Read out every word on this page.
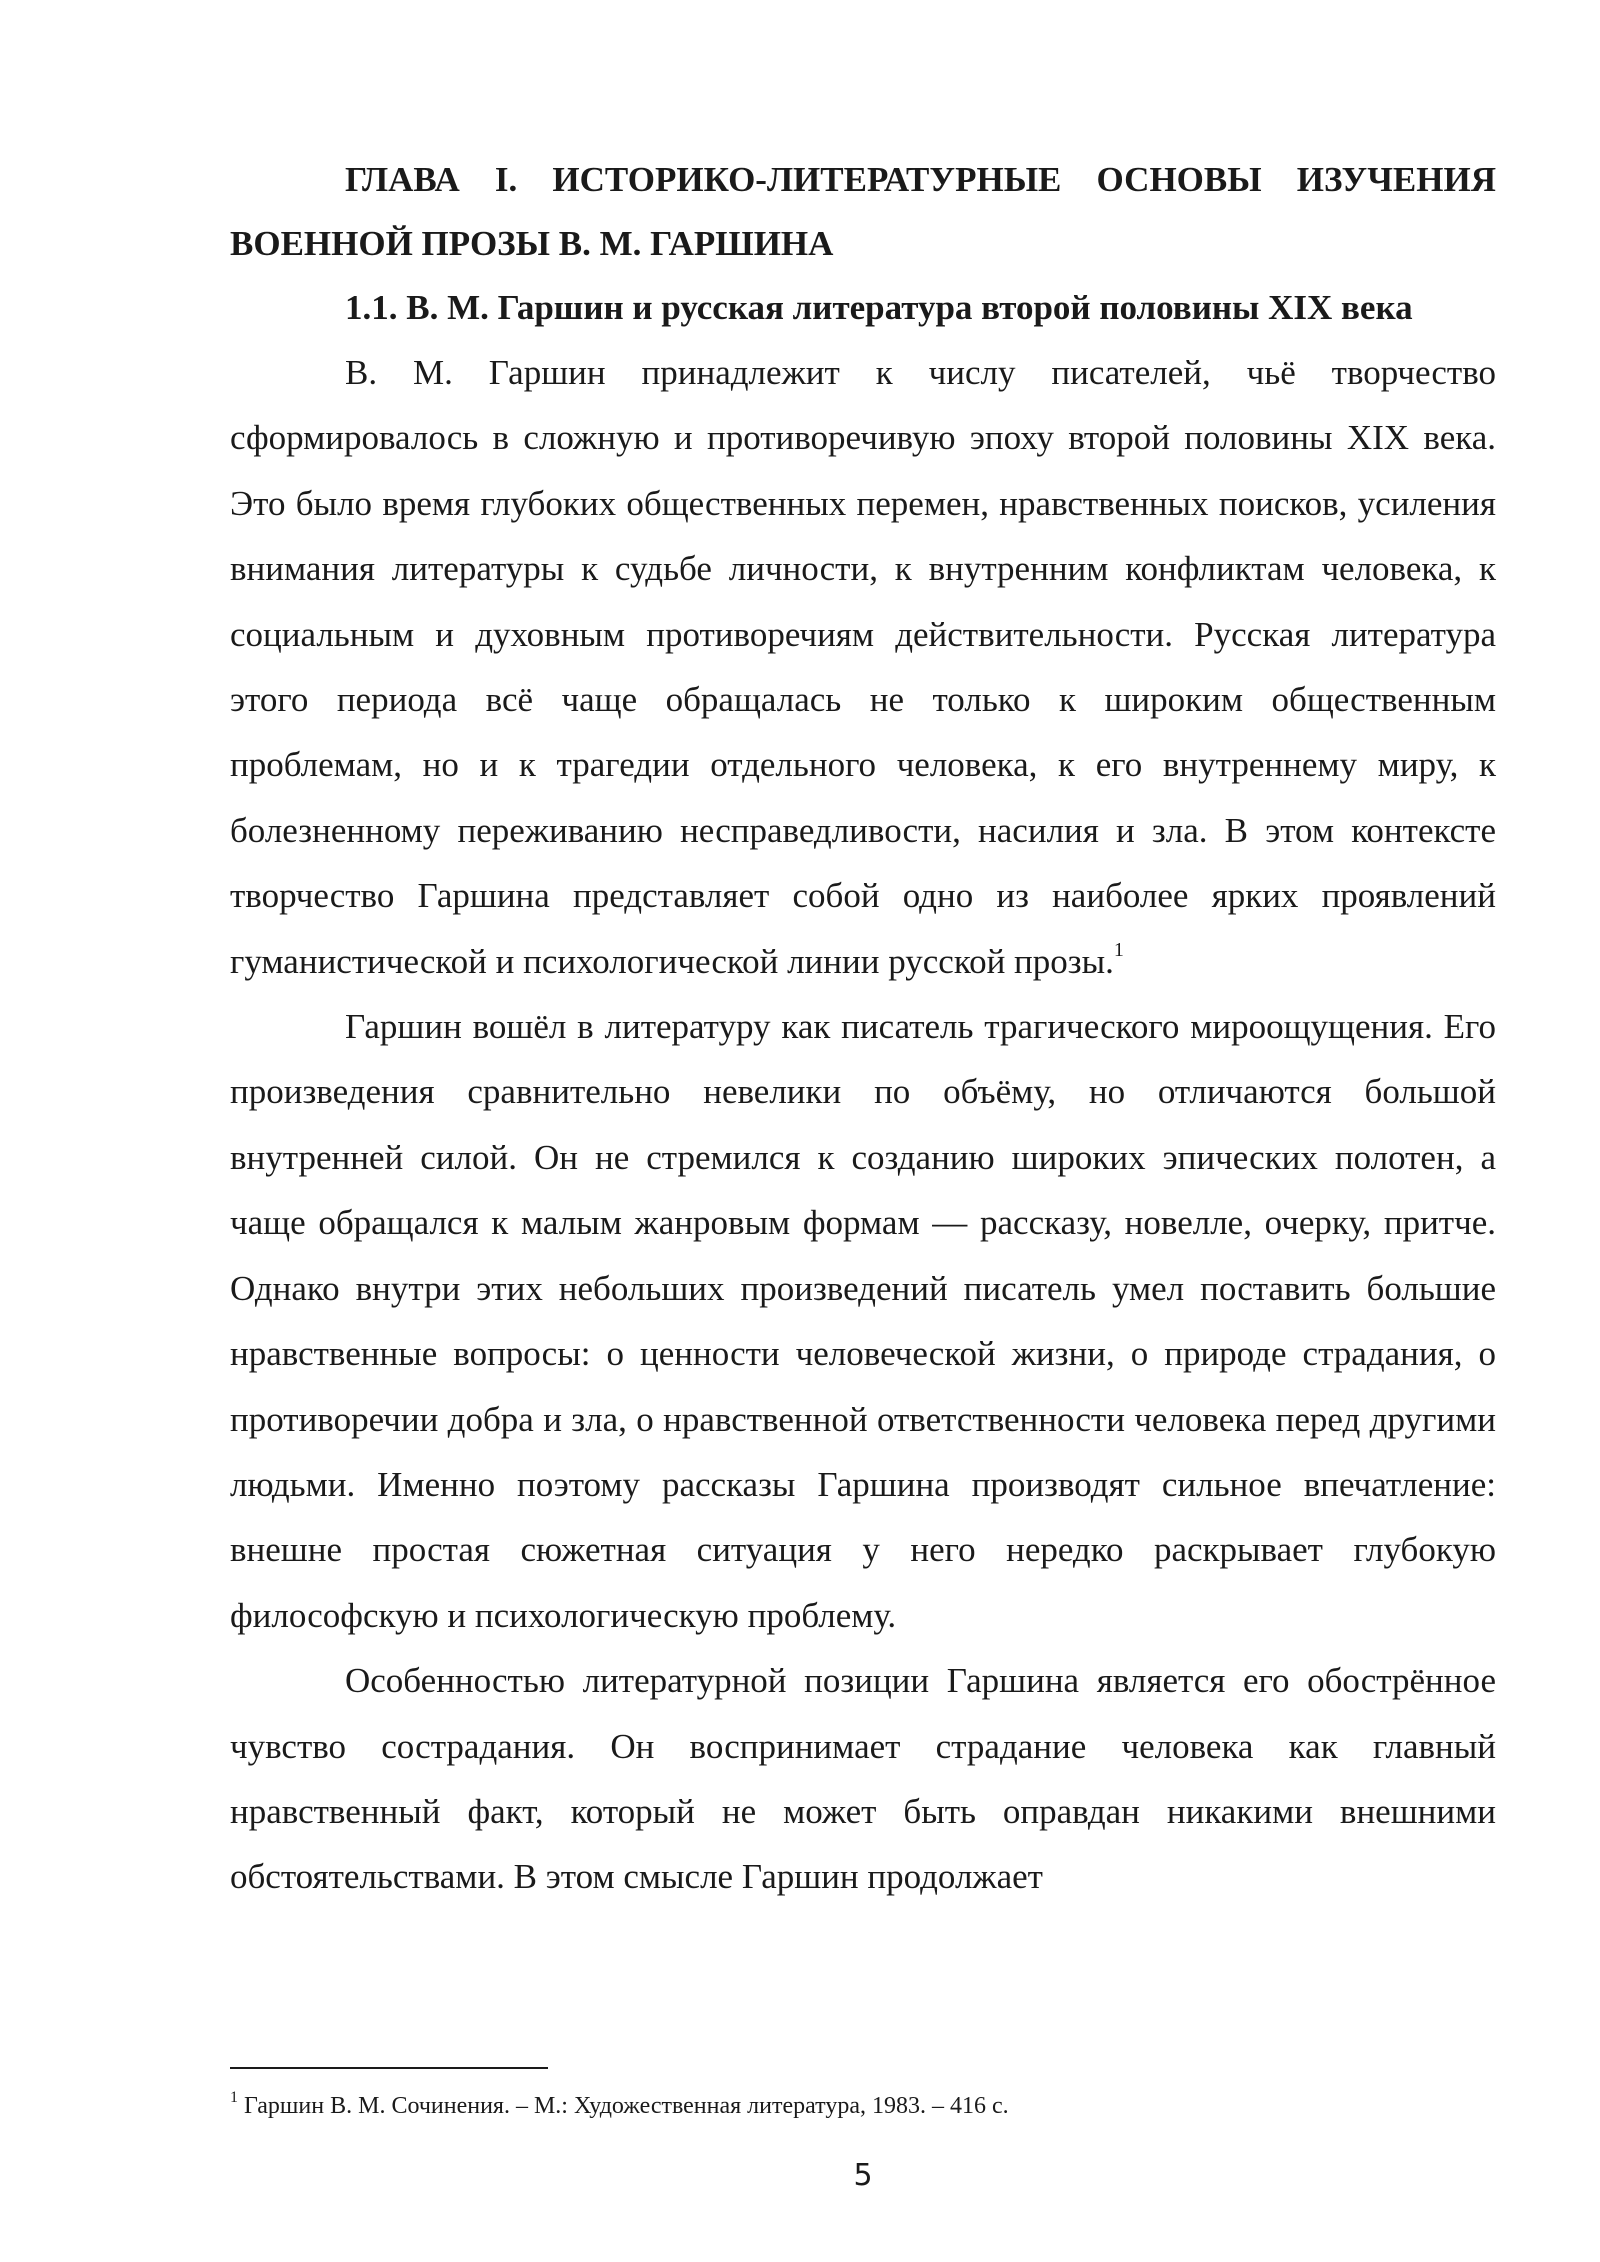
ГЛАВА I. ИСТОРИКО-ЛИТЕРАТУРНЫЕ ОСНОВЫ ИЗУЧЕНИЯ ВОЕННОЙ ПРОЗЫ В. М. ГАРШИНА

1.1. В. М. Гаршин и русская литература второй половины XIX века

В. М. Гаршин принадлежит к числу писателей, чьё творчество сформировалось в сложную и противоречивую эпоху второй половины XIX века. Это было время глубоких общественных перемен, нравственных поисков, усиления внимания литературы к судьбе личности, к внутренним конфликтам человека, к социальным и духовным противоречиям действительности. Русская литература этого периода всё чаще обращалась не только к широким общественным проблемам, но и к трагедии отдельного человека, к его внутреннему миру, к болезненному переживанию несправедливости, насилия и зла. В этом контексте творчество Гаршина представляет собой одно из наиболее ярких проявлений гуманистической и психологической линии русской прозы.$^1$

Гаршин вошёл в литературу как писатель трагического мироощущения. Его произведения сравнительно невелики по объёму, но отличаются большой внутренней силой. Он не стремился к созданию широких эпических полотен, а чаще обращался к малым жанровым формам — рассказу, новелле, очерку, притче. Однако внутри этих небольших произведений писатель умел поставить большие нравственные вопросы: о ценности человеческой жизни, о природе страдания, о противоречии добра и зла, о нравственной ответственности человека перед другими людьми. Именно поэтому рассказы Гаршина производят сильное впечатление: внешне простая сюжетная ситуация у него нередко раскрывает глубокую философскую и психологическую проблему.

Особенностью литературной позиции Гаршина является его обострённое чувство сострадания. Он воспринимает страдание человека как главный нравственный факт, который не может быть оправдан никакими внешними обстоятельствами. В этом смысле Гаршин продолжает

$^1$ Гаршин В. М. Сочинения. – М.: Художественная литература, 1983. – 416 с.
5
